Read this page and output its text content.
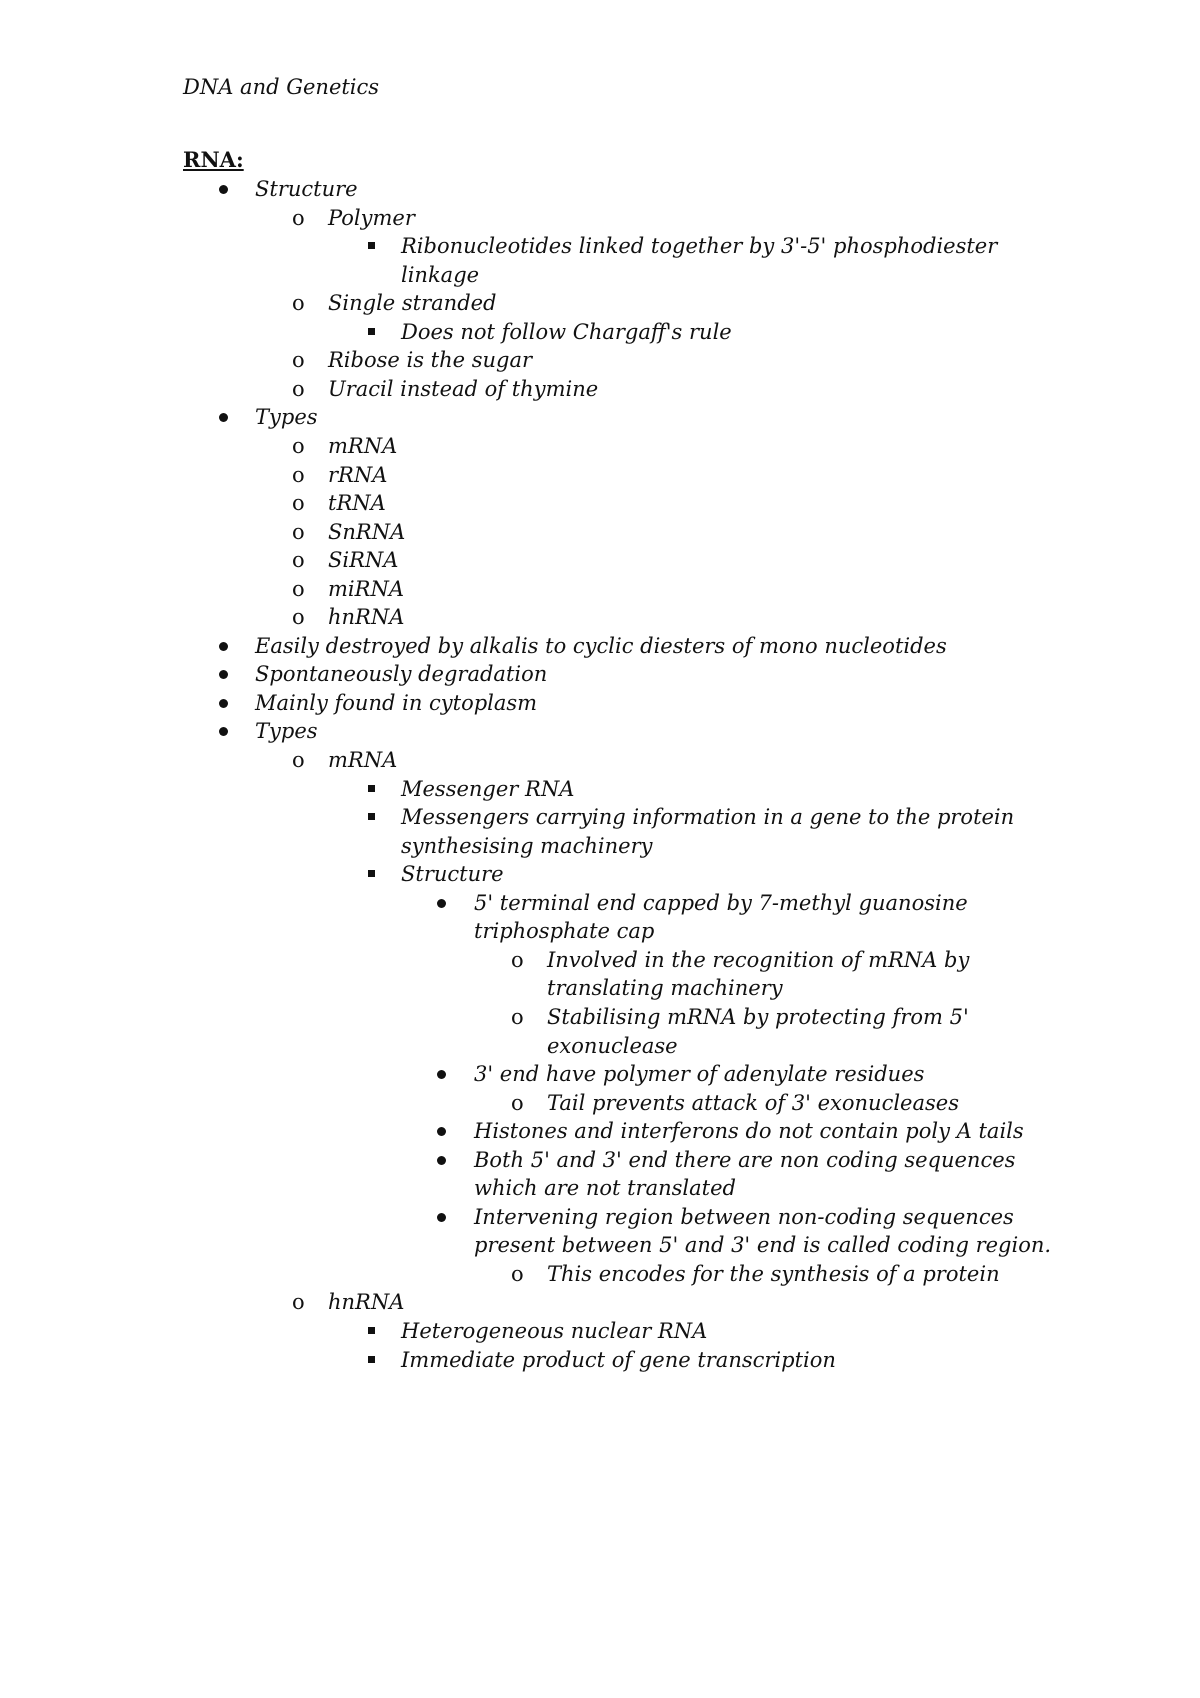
DNA and Genetics
RNA:
Structure
o Polymer
Ribonucleotides linked together by 3'-5' phosphodiester
linkage
o Single stranded
Does not follow Chargaff's rule
o Ribose is the sugar
o Uracil instead of thymine
Types
o mRNA
o rRNA
o tRNA
o SnRNA
o SiRNA
o miRNA
o hnRNA
Easily destroyed by alkalis to cyclic diesters of mono nucleotides
Spontaneously degradation
Mainly found in cytoplasm
Types
o mRNA
Messenger RNA
Messengers carrying information in a gene to the protein
synthesising machinery
Structure
5' terminal end capped by 7-methyl guanosine
triphosphate cap
o Involved in the recognition of mRNA by
translating machinery
o Stabilising mRNA by protecting from 5'
exonuclease
3' end have polymer of adenylate residues
o Tail prevents attack of 3' exonucleases
Histones and interferons do not contain poly A tails
Both 5' and 3' end there are non coding sequences
which are not translated
Intervening region between non-coding sequences
present between 5' and 3' end is called coding region.
o This encodes for the synthesis of a protein
o hnRNA
Heterogeneous nuclear RNA
Immediate product of gene transcription
